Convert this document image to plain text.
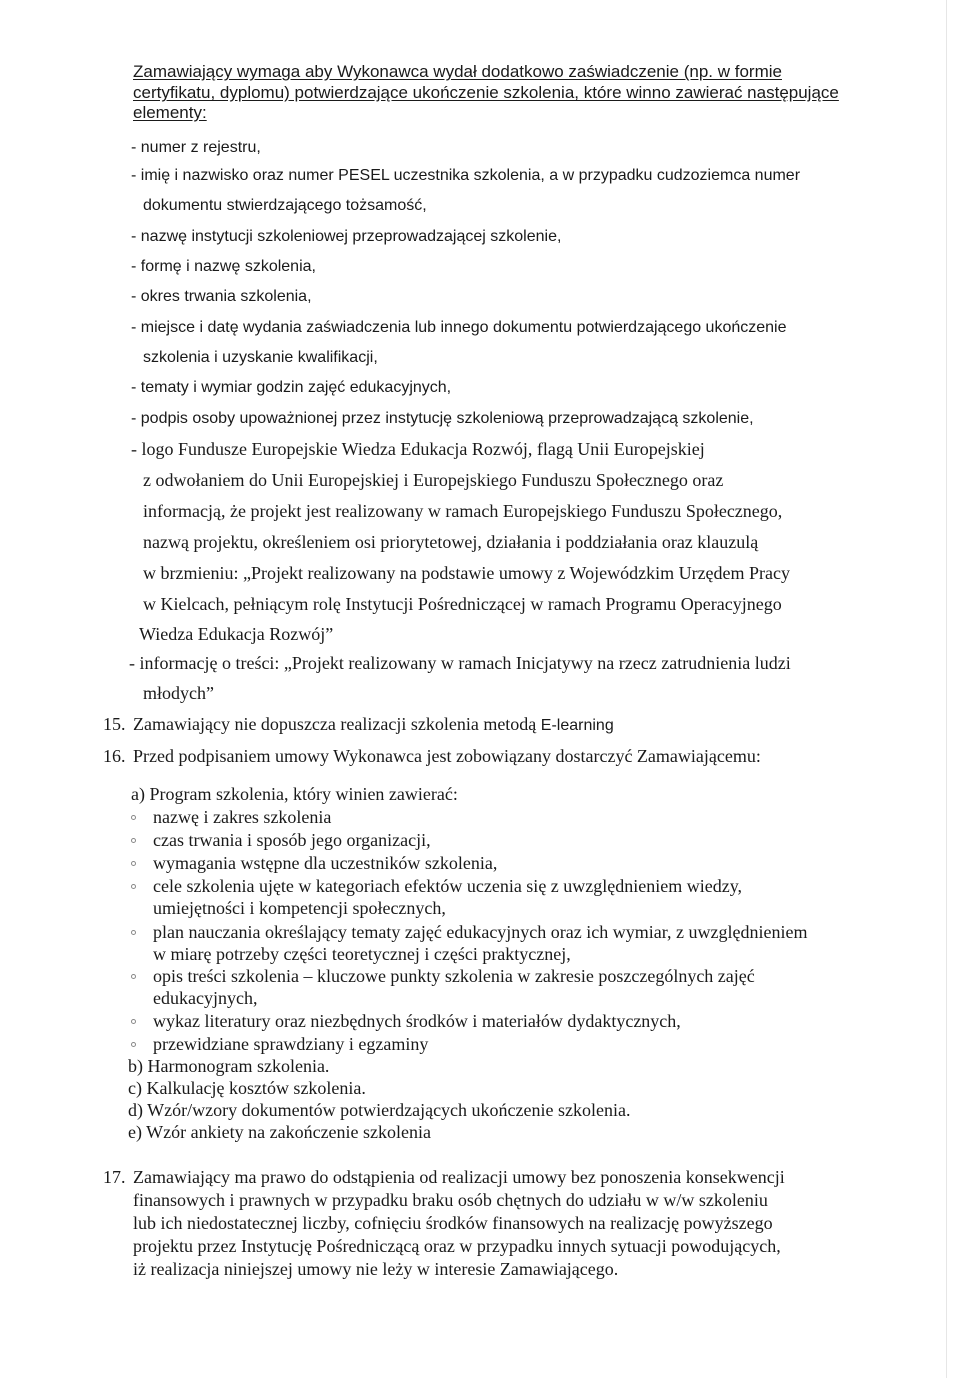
Zamawiający wymaga aby Wykonawca wydał dodatkowo zaświadczenie (np. w formie
certyfikatu, dyplomu) potwierdzające ukończenie szkolenia, które winno zawierać następujące
elementy:
- numer z rejestru,
- imię i nazwisko oraz numer PESEL uczestnika szkolenia, a w przypadku cudzoziemca numer
dokumentu stwierdzającego tożsamość,
- nazwę instytucji szkoleniowej przeprowadzającej szkolenie,
- formę i nazwę szkolenia,
- okres trwania szkolenia,
- miejsce i datę wydania zaświadczenia lub innego dokumentu potwierdzającego ukończenie
szkolenia i uzyskanie kwalifikacji,
- tematy i wymiar godzin zajęć edukacyjnych,
- podpis osoby upoważnionej przez instytucję szkoleniową przeprowadzającą szkolenie,
- logo Fundusze Europejskie Wiedza Edukacja Rozwój, flagą Unii Europejskiej
z odwołaniem do Unii Europejskiej i Europejskiego Funduszu Społecznego oraz
informacją, że projekt jest realizowany w ramach Europejskiego Funduszu Społecznego,
nazwą projektu, określeniem osi priorytetowej, działania i poddziałania oraz klauzulą
w brzmieniu: „Projekt realizowany na podstawie umowy z Wojewódzkim Urzędem Pracy
w Kielcach, pełniącym rolę Instytucji Pośredniczącej w ramach Programu Operacyjnego
Wiedza Edukacja Rozwój”
- informację o treści: „Projekt realizowany w ramach Inicjatywy na rzecz zatrudnienia ludzi
młodych”
15. Zamawiający nie dopuszcza realizacji szkolenia metodą E-learning
16. Przed podpisaniem umowy Wykonawca jest zobowiązany dostarczyć Zamawiającemu:
a) Program szkolenia, który winien zawierać:
nazwę i zakres szkolenia
czas trwania i sposób jego organizacji,
wymagania wstępne dla uczestników szkolenia,
cele szkolenia ujęte w kategoriach efektów uczenia się z uwzględnieniem wiedzy,
umiejętności i kompetencji społecznych,
plan nauczania określający tematy zajęć edukacyjnych oraz ich wymiar, z uwzględnieniem
w miarę potrzeby części teoretycznej i części praktycznej,
opis treści szkolenia – kluczowe punkty szkolenia w zakresie poszczególnych zajęć
edukacyjnych,
wykaz literatury oraz niezbędnych środków i materiałów dydaktycznych,
przewidziane sprawdziany i egzaminy
b) Harmonogram szkolenia.
c) Kalkulację kosztów szkolenia.
d) Wzór/wzory dokumentów potwierdzających ukończenie szkolenia.
e) Wzór ankiety na zakończenie szkolenia
17. Zamawiający ma prawo do odstąpienia od realizacji umowy bez ponoszenia konsekwencji
finansowych i prawnych w przypadku braku osób chętnych do udziału w w/w szkoleniu
lub ich niedostatecznej liczby, cofnięciu środków finansowych na realizację powyższego
projektu przez Instytucję Pośredniczącą oraz w przypadku innych sytuacji powodujących,
iż realizacja niniejszej umowy nie leży w interesie Zamawiającego.
